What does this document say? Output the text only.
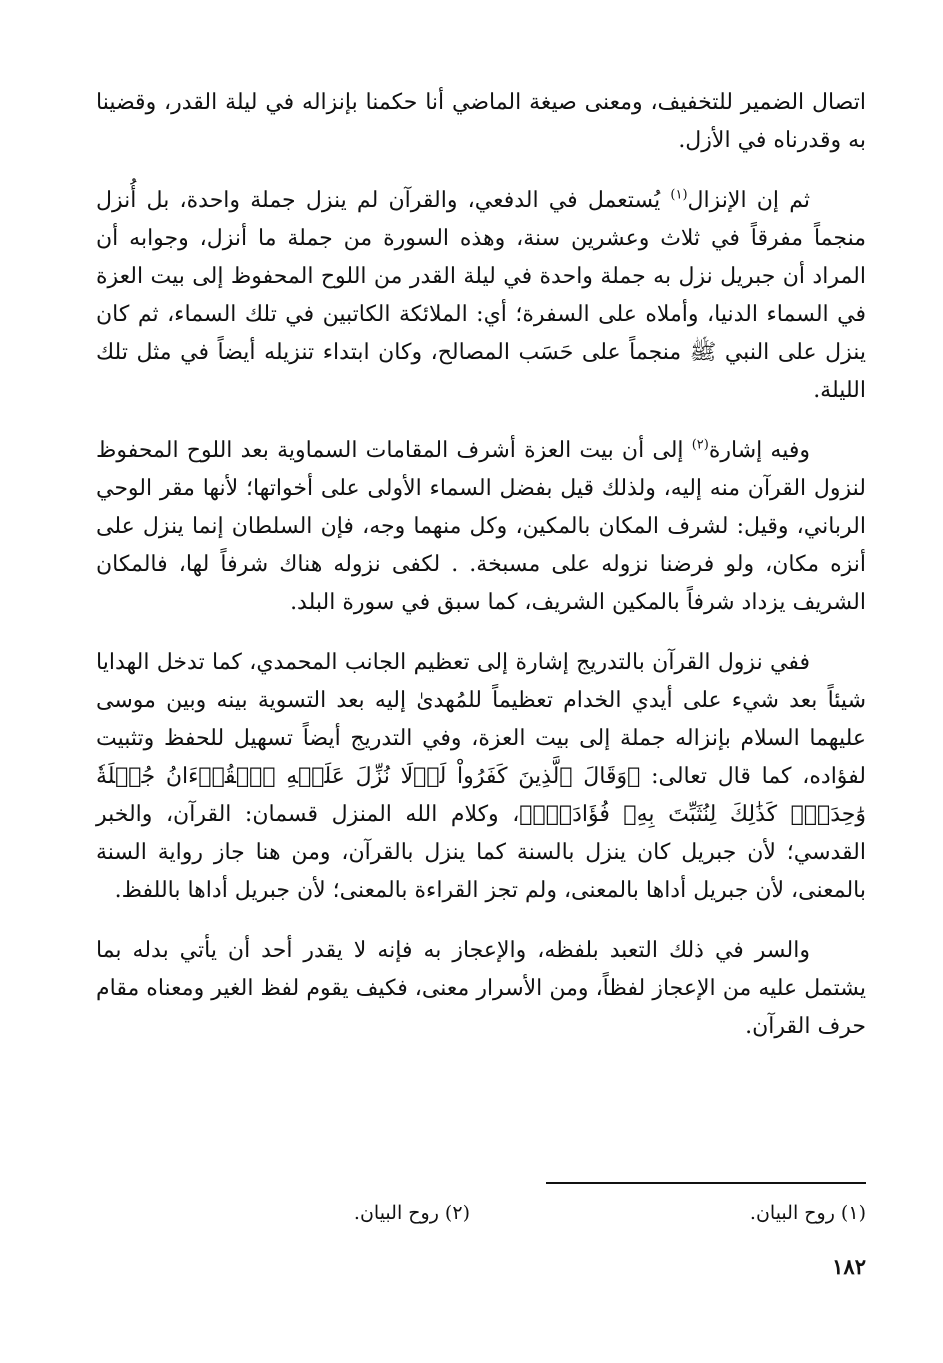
اتصال الضمير للتخفيف، ومعنى صيغة الماضي أنا حكمنا بإنزاله في ليلة القدر، وقضينا به وقدرناه في الأزل.

ثم إن الإنزال$^{(١)}$ يُستعمل في الدفعي، والقرآن لم ينزل جملة واحدة، بل أُنزل منجماً مفرقاً في ثلاث وعشرين سنة، وهذه السورة من جملة ما أنزل، وجوابه أن المراد أن جبريل نزل به جملة واحدة في ليلة القدر من اللوح المحفوظ إلى بيت العزة في السماء الدنيا، وأملاه على السفرة؛ أي: الملائكة الكاتبين في تلك السماء، ثم كان ينزل على النبي ﷺ منجماً على حَسَب المصالح، وكان ابتداء تنزيله أيضاً في مثل تلك الليلة.

وفيه إشارة$^{(٢)}$ إلى أن بيت العزة أشرف المقامات السماوية بعد اللوح المحفوظ لنزول القرآن منه إليه، ولذلك قيل بفضل السماء الأولى على أخواتها؛ لأنها مقر الوحي الرباني، وقيل: لشرف المكان بالمكين، وكل منهما وجه، فإن السلطان إنما ينزل على أنزه مكان، ولو فرضنا نزوله على مسبخة. . لكفى نزوله هناك شرفاً لها، فالمكان الشريف يزداد شرفاً بالمكين الشريف، كما سبق في سورة البلد.

ففي نزول القرآن بالتدريج إشارة إلى تعظيم الجانب المحمدي، كما تدخل الهدايا شيئاً بعد شيء على أيدي الخدام تعظيماً للمُهدىٰ إليه بعد التسوية بينه وبين موسى عليهما السلام بإنزاله جملة إلى بيت العزة، وفي التدريج أيضاً تسهيل للحفظ وتثبيت لفؤاده، كما قال تعالى: ﴿وَقَالَ ٱلَّذِينَ كَفَرُواْ لَوۡلَا نُزِّلَ عَلَيۡهِ ٱلۡقُرۡءَانُ جُمۡلَةٗ وَٰحِدَةٗۚ كَذَٰلِكَ لِنُثَبِّتَ بِهِۦ فُؤَادَكَۖ﴾، وكلام الله المنزل قسمان: القرآن، والخبر القدسي؛ لأن جبريل كان ينزل بالسنة كما ينزل بالقرآن، ومن هنا جاز رواية السنة بالمعنى، لأن جبريل أداها بالمعنى، ولم تجز القراءة بالمعنى؛ لأن جبريل أداها باللفظ.

والسر في ذلك التعبد بلفظه، والإعجاز به فإنه لا يقدر أحد أن يأتي بدله بما يشتمل عليه من الإعجاز لفظاً، ومن الأسرار معنى، فكيف يقوم لفظ الغير ومعناه مقام حرف القرآن.

(١) روح البيان.
(٢) روح البيان.
١٨٢
